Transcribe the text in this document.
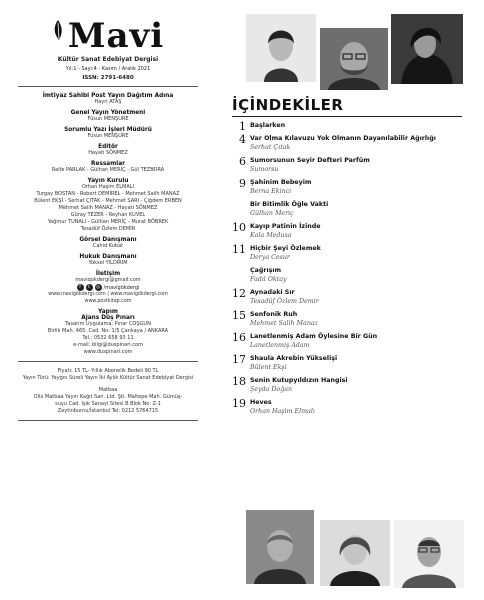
Mavi
Kültür Sanat Edebiyat Dergisi
Yıl:1 - Sayı:4 - Kasım / Aralık 2021
ISSN: 2791-6480
İmtiyaz Sahibi Post Yayın Dağıtım Adına
Hayri ATAŞ
Genel Yayın Yönetmeni
Füsun MENŞURE
Sorumlu Yazı İşleri Müdürü
Füsun MENŞURE
Editör
Hayati SÖNMEZ
Ressamlar
Raife PARLAK - Gülhan MERİÇ - Gül TEZBORA
Yayın Kurulu
Orhan Haşim ELMALI
Turgay BOSTAN - Robert DEMİREL - Mehmet Salih MANAZ
Bülent EKŞİ - Serhat ÇITAK - Mehmet SARI - Çiğdem ERBEN
Mehmet Salih MANAZ - Hayati SÖNMEZ
Güray TEZER - Reyhan KUVEL
Yağmur TUNALI - Gülhan MERİÇ - Murat BÖBREK
Tesadüf Özlem DEMİR
Görsel Danışmanı
Cahid Kubat
Hukuk Danışmanı
Yüksel YILDIRIM
İletişim
maviqokdergi@gmail.com
f	t	◎ /mavigökdergi
www.mavigökdergi.com | www.mavigökdergi.com
www.postkitap.com
Yapım
Ajans Düş Pınarı
Tasarım Uygulama: Pınar COŞGUN
Birlik Mah. 465. Cad. No: 1/5 Çankaya / ANKARA
Tel.: 0532 658 93 11
e-mail: bilgi@duspinari.com
www.duspinari.com
Fiyatı: 15 TL- Yıllık Abonelik Bedeli 90 TL
Yayın Türü: Yaygın Süreli Yayın İki Aylık Kültür Sanat Edebiyat Dergisi
Matbaa
Olix Matbaa Yayın Kağıt San. Ltd. Şti. Maltepe Mah. Gümüş-
suyu Cad. Işık Sanayi Sitesi B Blok No: Z-1
Zeytinburnu/İstanbul Tel: 0212 5764715
İÇİNDEKİLER
1 Başlarken
4 Var Olma Kılavuzu Yok Olmanın Dayanılabilir Ağırlığı
Serhat Çıtak
6 Sumorsunun Seyir Defteri Parfüm
Sumorsu
9 Şahinim Bebeyim
Berna Ekinci
Bir Bitimlik Öğle Vakti
Gülhan Meriç
10 Kayıp Patinin İzinde
Kala Medusa
11 Hiçbir Şeyi Özlemek
Derya Cesur
Çağrışım
Fadıl Oktay
12 Aynadaki Sır
Tesadüf Özlem Demir
15 Senfonik Ruh
Mehmet Salih Manaz
16 Lanetlenmiş Adam Öylesine Bir Gün
Lanetlenmiş Adam
17 Shaula Akrebin Yükselişi
Bülent Ekşi
18 Senin Kutupyıldızın Hangisi
Şeyda Doğan
19 Heves
Orhan Haşim Elmalı
